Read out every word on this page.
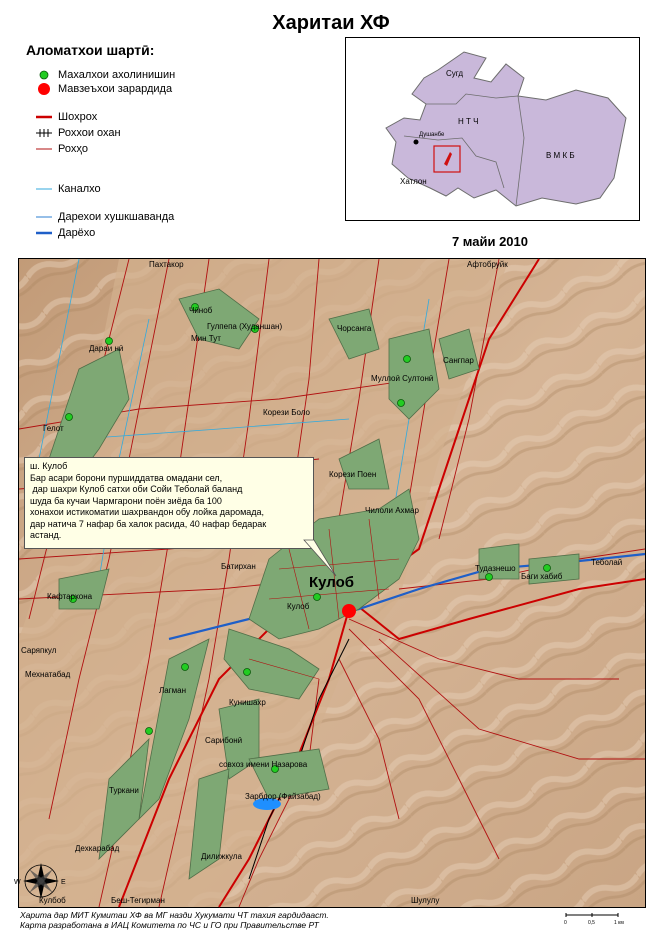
Харитаи ХФ
Аломатхои шартӣ:
Махалхои ахолинишин
Мавзеъхои зарардида
Шохрох
Роххои охан
Рохҳо
Каналхо
Дарехои хушкшаванда
Дарёхо
Сугд
Н Т Ч
В М К Б
Хатлон
Душанбе
7 майи 2010
Пахтакор	Афтобруйк
Чӣноб
Гулпепа (Худаншан)
Мин Тут
Дараи нӣ
Чорсанга
Сангпар
Муллоӣ Султонӣ
Гелот
Корези Боло
Корези Поен
Чилоли Ахмар
Батирхан
Кулоб
Тудазнешо
Баги хабиб
Теболай
Кафтархона
Саряпкул
Мехнатабад
Лагман
Кунишахр
Сарибонӣ
совхоз имени Назарова
Туркани
Зарбдор (Файзабад)
Дехкарабад
Дилижкула
Кулбоб	Беш-Тегирман	Шулулу
Кулоб
W	E
ш. Кулоб
Бар асари борони пуршиддатва омадани сел,
дар шахри Кулоб сатхи оби Сойи Теболай баланд
шуда ба кучаи Чармгарони поён зиёда ба 100
хонахои истикоматии шахрвандон обу лойка даромада,
дар натича 7 нафар ба халок расида, 40 нафар бедарак
астанд.
Харита дар МИТ Кумитаи ХФ ва МГ назди Хукумати ЧТ тахия гардидааст.
Карта разработана в ИАЦ Комитета по ЧС и ГО при Правительстве РТ	0	0,5	1 км
